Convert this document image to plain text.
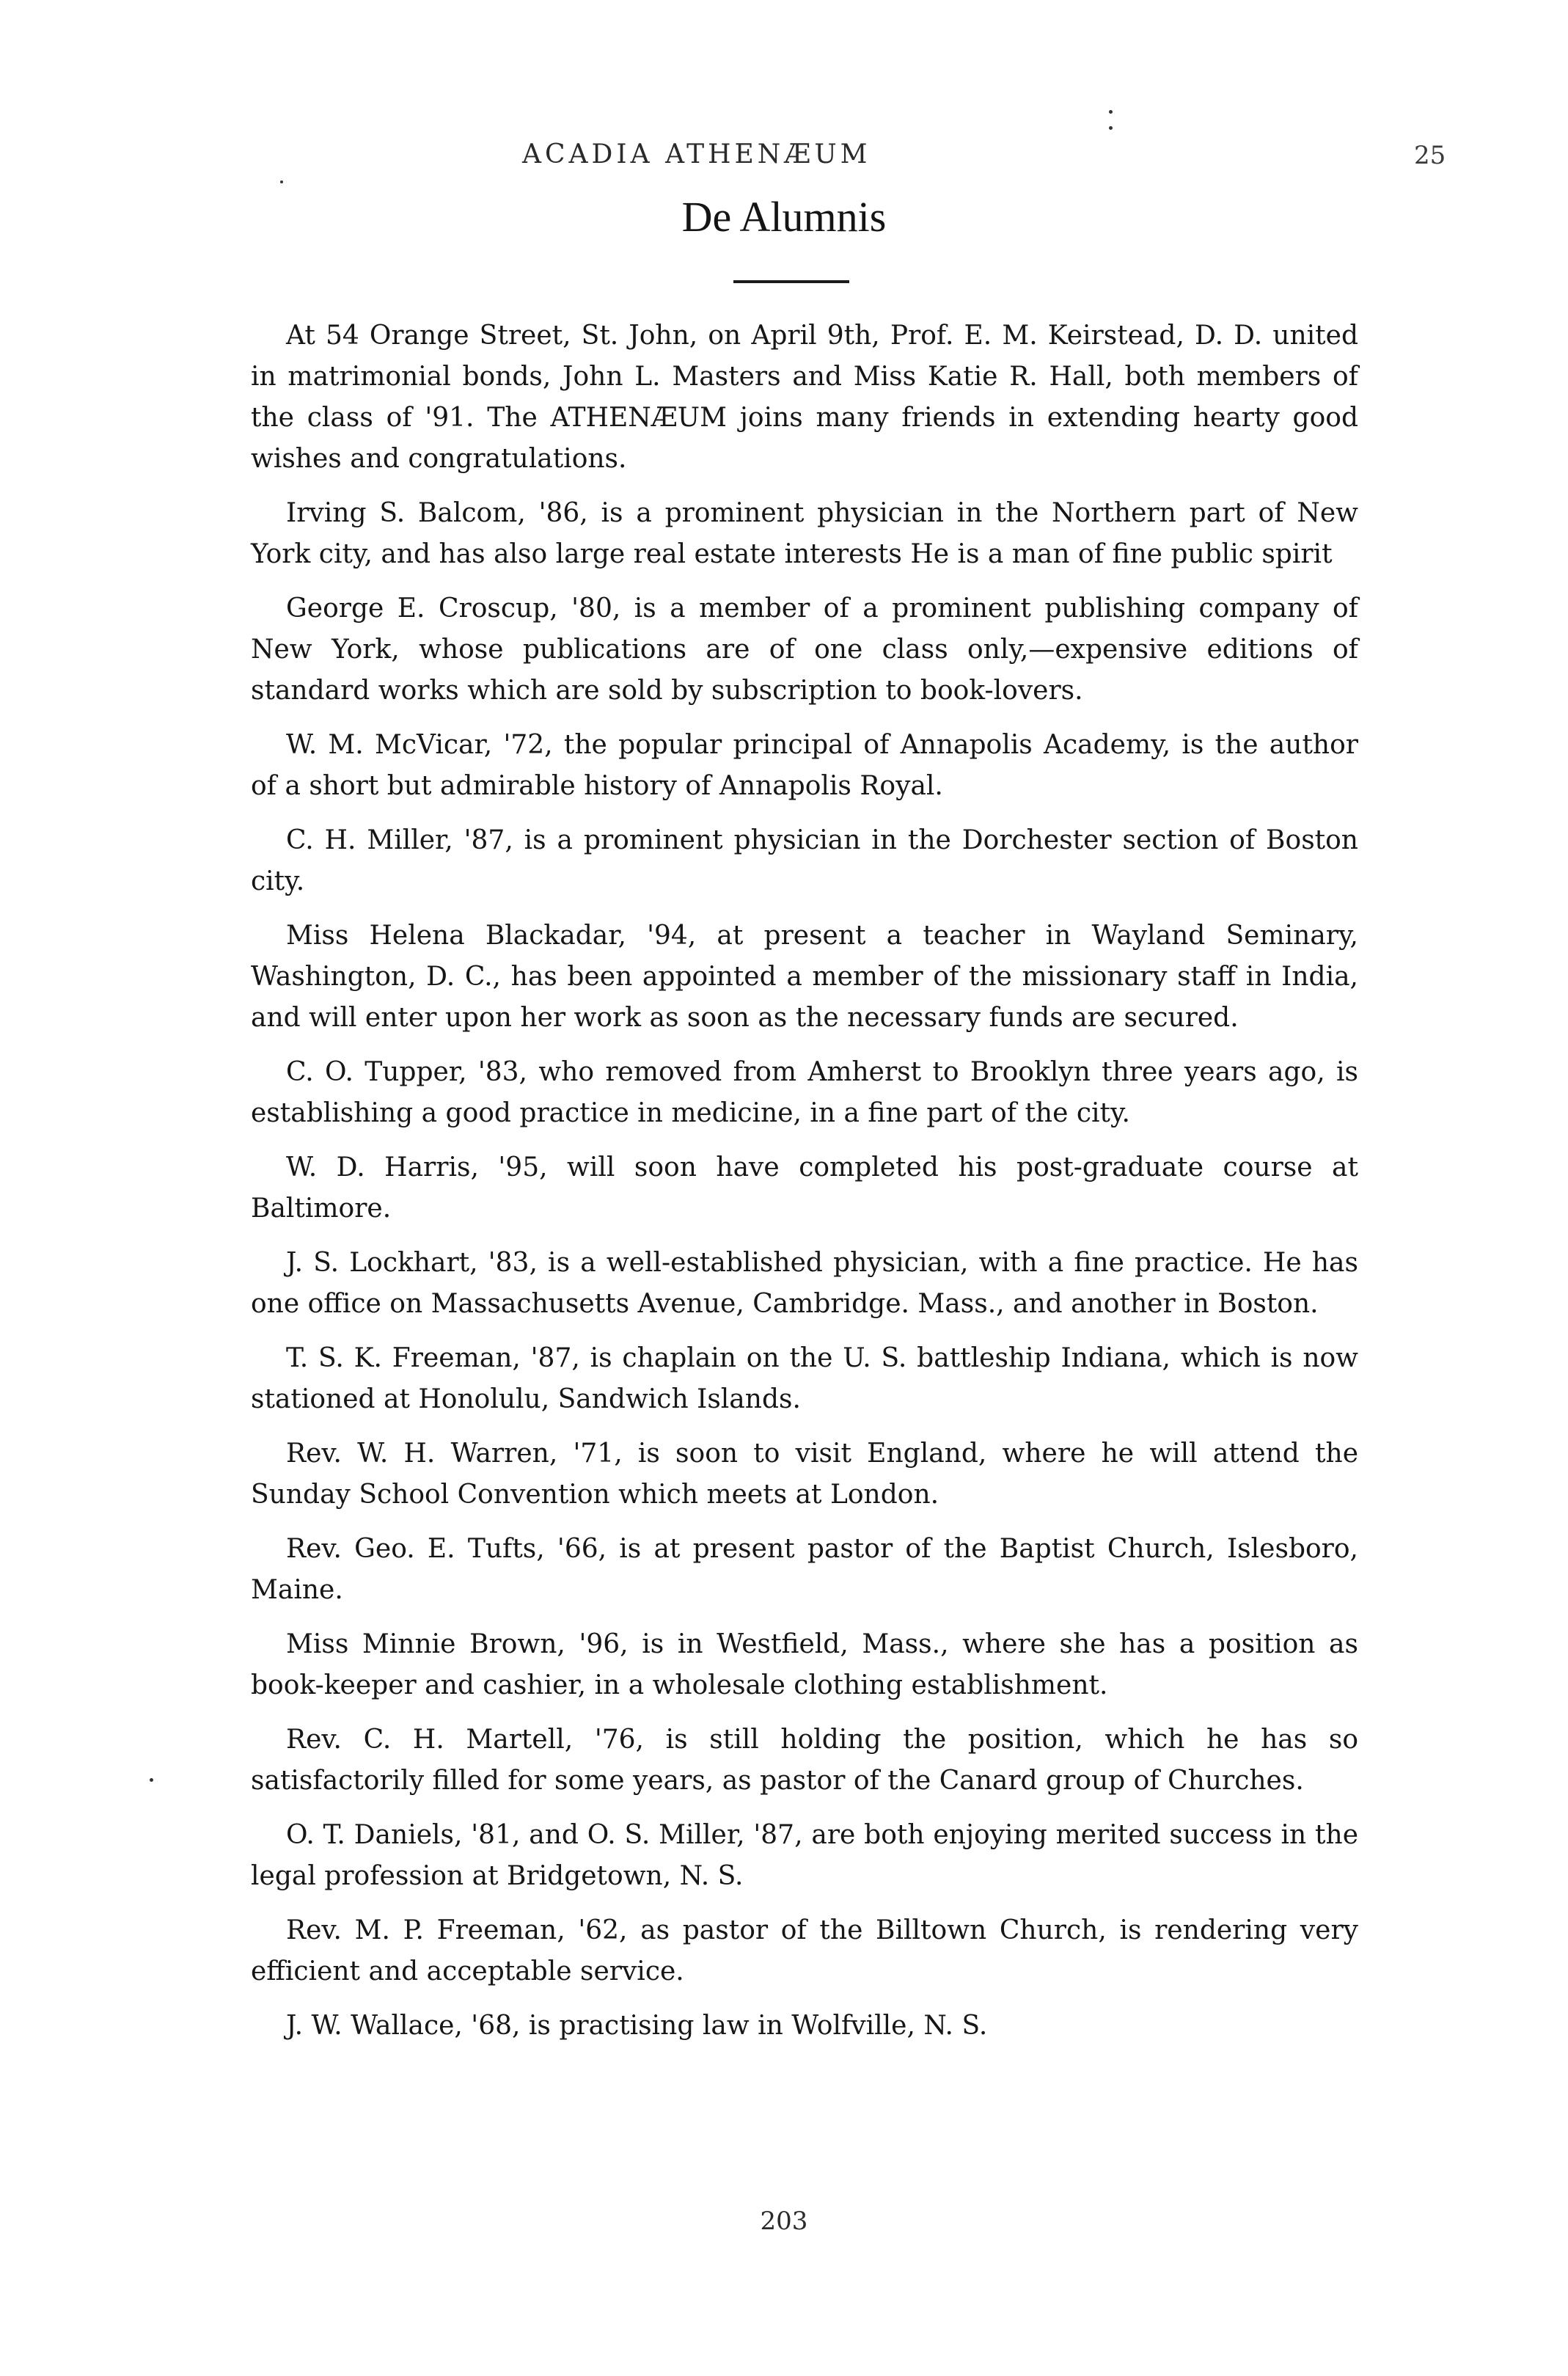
ACADIA ATHENÆUM	25
De Alumnis

At 54 Orange Street, St. John, on April 9th, Prof. E. M. Keirstead, D. D. united in matrimonial bonds, John L. Masters and Miss Katie R. Hall, both members of the class of '91. The ATHENÆUM joins many friends in extending hearty good wishes and congratulations.

Irving S. Balcom, '86, is a prominent physician in the Northern part of New York city, and has also large real estate interests He is a man of fine public spirit

George E. Croscup, '80, is a member of a prominent publishing company of New York, whose publications are of one class only,—expensive editions of standard works which are sold by subscription to book-lovers.

W. M. McVicar, '72, the popular principal of Annapolis Academy, is the author of a short but admirable history of Annapolis Royal.

C. H. Miller, '87, is a prominent physician in the Dorchester section of Boston city.

Miss Helena Blackadar, '94, at present a teacher in Wayland Seminary, Washington, D. C., has been appointed a member of the missionary staff in India, and will enter upon her work as soon as the necessary funds are secured.

C. O. Tupper, '83, who removed from Amherst to Brooklyn three years ago, is establishing a good practice in medicine, in a fine part of the city.

W. D. Harris, '95, will soon have completed his post-graduate course at Baltimore.

J. S. Lockhart, '83, is a well-established physician, with a fine practice. He has one office on Massachusetts Avenue, Cambridge. Mass., and another in Boston.

T. S. K. Freeman, '87, is chaplain on the U. S. battleship Indiana, which is now stationed at Honolulu, Sandwich Islands.

Rev. W. H. Warren, '71, is soon to visit England, where he will attend the Sunday School Convention which meets at London.

Rev. Geo. E. Tufts, '66, is at present pastor of the Baptist Church, Islesboro, Maine.

Miss Minnie Brown, '96, is in Westfield, Mass., where she has a position as book-keeper and cashier, in a wholesale clothing establishment.

Rev. C. H. Martell, '76, is still holding the position, which he has so satisfactorily filled for some years, as pastor of the Canard group of Churches.

O. T. Daniels, '81, and O. S. Miller, '87, are both enjoying merited success in the legal profession at Bridgetown, N. S.

Rev. M. P. Freeman, '62, as pastor of the Billtown Church, is rendering very efficient and acceptable service.

J. W. Wallace, '68, is practising law in Wolfville, N. S.

203
